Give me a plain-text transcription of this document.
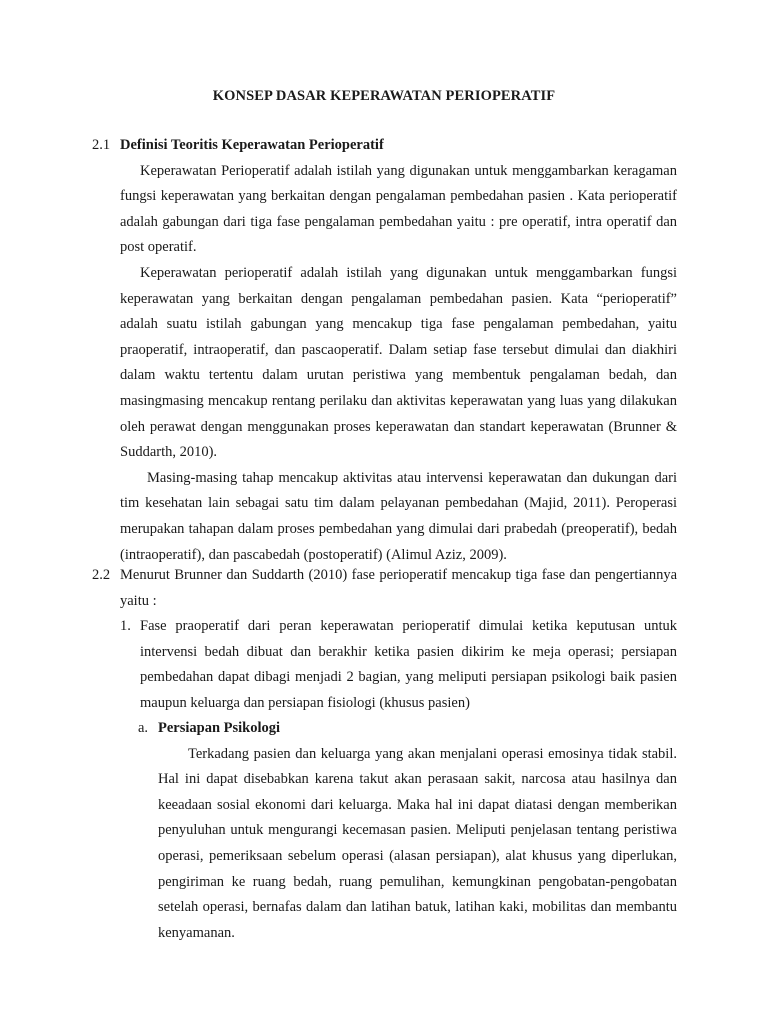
KONSEP DASAR KEPERAWATAN PERIOPERATIF
2.1 Definisi Teoritis Keperawatan Perioperatif
Keperawatan Perioperatif adalah istilah yang digunakan untuk menggambarkan keragaman fungsi keperawatan yang berkaitan dengan pengalaman pembedahan pasien . Kata perioperatif adalah gabungan dari tiga fase pengalaman pembedahan yaitu : pre operatif, intra operatif dan post operatif.
Keperawatan perioperatif adalah istilah yang digunakan untuk menggambarkan fungsi keperawatan yang berkaitan dengan pengalaman pembedahan pasien. Kata “perioperatif” adalah suatu istilah gabungan yang mencakup tiga fase pengalaman pembedahan, yaitu praoperatif, intraoperatif, dan pascaoperatif. Dalam setiap fase tersebut dimulai dan diakhiri dalam waktu tertentu dalam urutan peristiwa yang membentuk pengalaman bedah, dan masingmasing mencakup rentang perilaku dan aktivitas keperawatan yang luas yang dilakukan oleh perawat dengan menggunakan proses keperawatan dan standart keperawatan (Brunner & Suddarth, 2010).
Masing-masing tahap mencakup aktivitas atau intervensi keperawatan dan dukungan dari tim kesehatan lain sebagai satu tim dalam pelayanan pembedahan (Majid, 2011). Peroperasi merupakan tahapan dalam proses pembedahan yang dimulai dari prabedah (preoperatif), bedah (intraoperatif), dan pascabedah (postoperatif) (Alimul Aziz, 2009).
2.2 Menurut Brunner dan Suddarth (2010) fase perioperatif mencakup tiga fase dan pengertiannya yaitu :
1. Fase praoperatif dari peran keperawatan perioperatif dimulai ketika keputusan untuk intervensi bedah dibuat dan berakhir ketika pasien dikirim ke meja operasi; persiapan pembedahan dapat dibagi menjadi 2 bagian, yang meliputi persiapan psikologi baik pasien maupun keluarga dan persiapan fisiologi (khusus pasien)
a. Persiapan Psikologi
Terkadang pasien dan keluarga yang akan menjalani operasi emosinya tidak stabil. Hal ini dapat disebabkan karena takut akan perasaan sakit, narcosa atau hasilnya dan keeadaan sosial ekonomi dari keluarga. Maka hal ini dapat diatasi dengan memberikan penyuluhan untuk mengurangi kecemasan pasien. Meliputi penjelasan tentang peristiwa operasi, pemeriksaan sebelum operasi (alasan persiapan), alat khusus yang diperlukan, pengiriman ke ruang bedah, ruang pemulihan, kemungkinan pengobatan-pengobatan setelah operasi, bernafas dalam dan latihan batuk, latihan kaki, mobilitas dan membantu kenyamanan.
